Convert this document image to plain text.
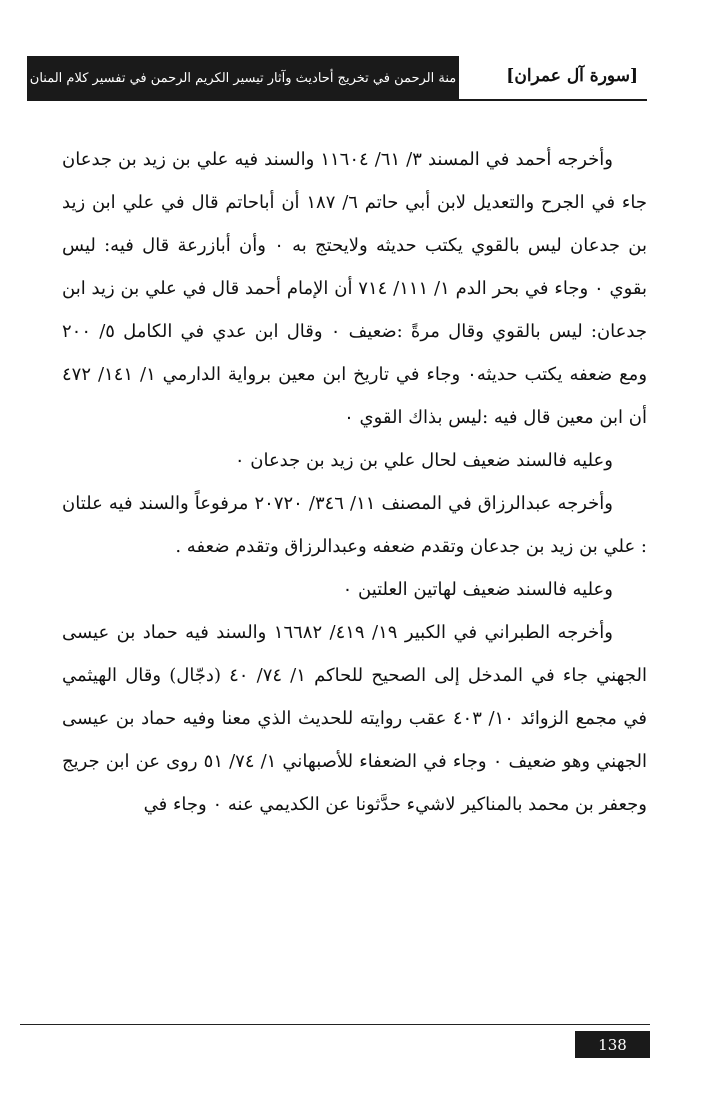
منة الرحمن في تخريج أحاديث وآثار تيسير الكريم الرحمن في تفسير كلام المنان	[سورة آل عمران]

وأخرجه أحمد في المسند ٣/ ٦١/ ١١٦٠٤ والسند فيه علي بن زيد بن جدعان جاء في الجرح والتعديل لابن أبي حاتم ٦/ ١٨٧ أن أباحاتم قال في علي ابن زيد بن جدعان ليس بالقوي يكتب حديثه ولايحتج به ٠ وأن أبازرعة قال فيه: ليس بقوي ٠ وجاء في بحر الدم ١/ ١١١/ ٧١٤ أن الإمام أحمد قال في علي بن زيد ابن جدعان: ليس بالقوي وقال مرةً :ضعيف ٠ وقال ابن عدي في الكامل ٥/ ٢٠٠ ومع ضعفه يكتب حديثه٠ وجاء في تاريخ ابن معين برواية الدارمي ١/ ١٤١/ ٤٧٢ أن ابن معين قال فيه :ليس بذاك القوي ٠

وعليه فالسند ضعيف لحال علي بن زيد بن جدعان ٠

وأخرجه عبدالرزاق في المصنف ١١/ ٣٤٦/ ٢٠٧٢٠ مرفوعاً والسند فيه علتان : علي بن زيد بن جدعان وتقدم ضعفه وعبدالرزاق وتقدم ضعفه .

وعليه فالسند ضعيف لهاتين العلتين ٠

وأخرجه الطبراني في الكبير ١٩/ ٤١٩/ ١٦٦٨٢ والسند فيه حماد بن عيسى الجهني جاء في المدخل إلى الصحيح للحاكم ١/ ٧٤/ ٤٠ (دجّال) وقال الهيثمي في مجمع الزوائد ١٠/ ٤٠٣ عقب روايته للحديث الذي معنا وفيه حماد بن عيسى الجهني وهو ضعيف ٠ وجاء في الضعفاء للأصبهاني ١/ ٧٤/ ٥١ روى عن ابن جريج وجعفر بن محمد بالمناكير لاشيء حدَّثونا عن الكديمي عنه ٠ وجاء في

138
